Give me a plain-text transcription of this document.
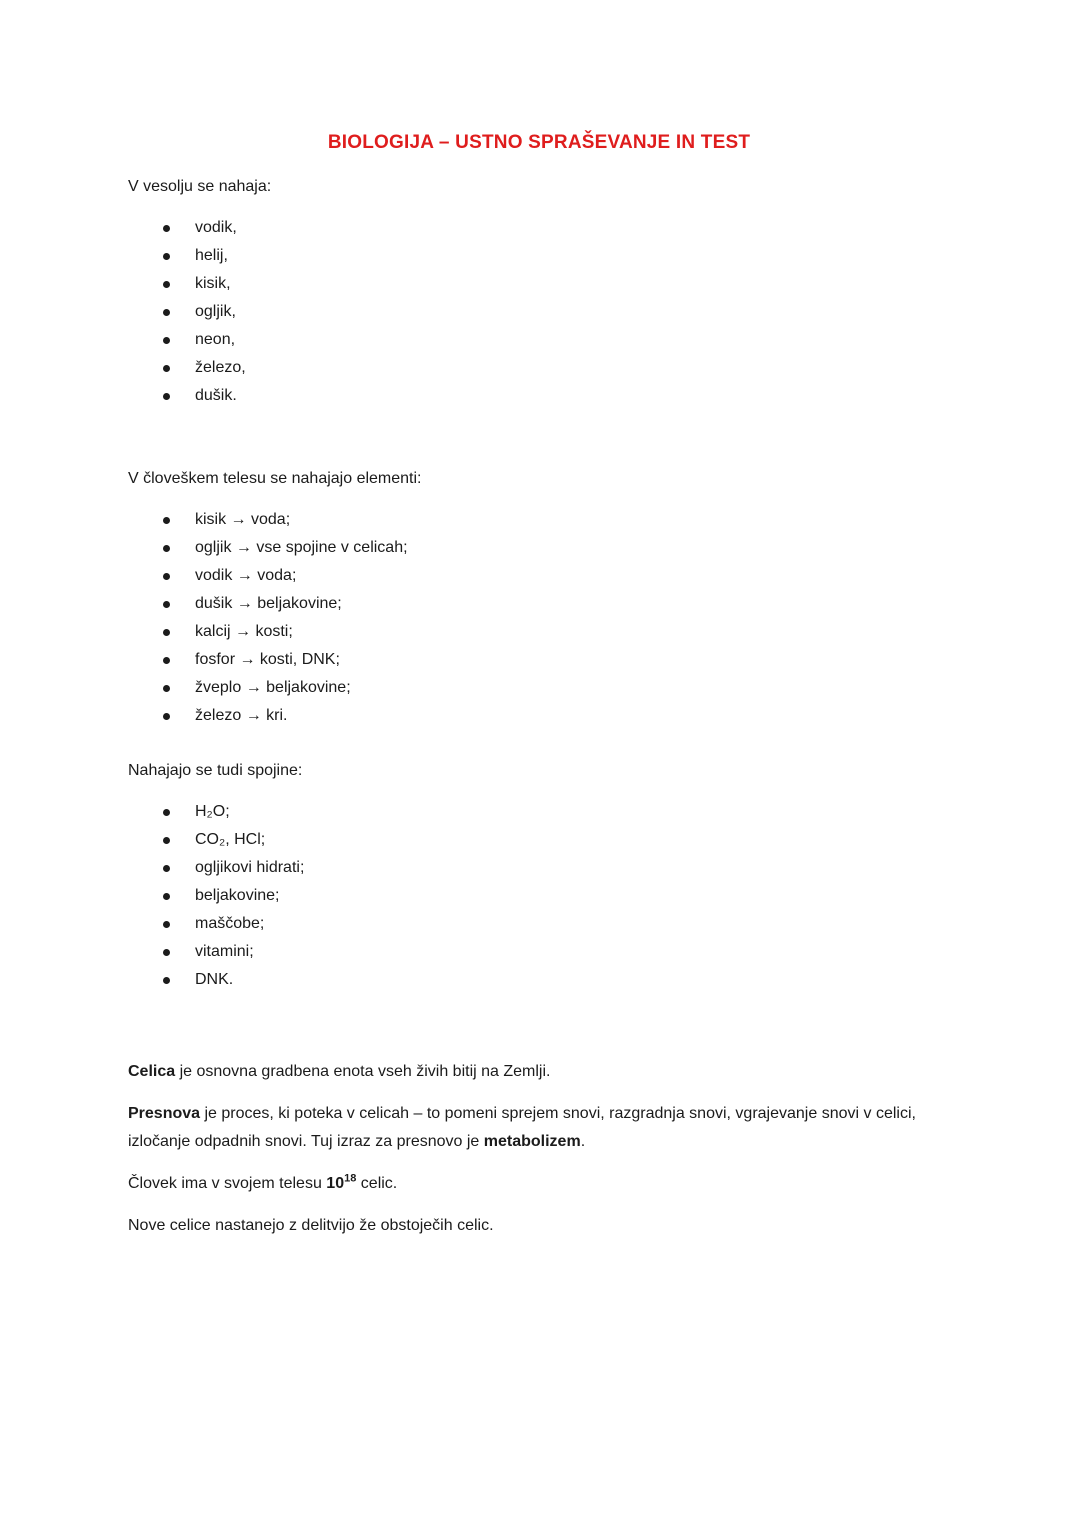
BIOLOGIJA – USTNO SPRAŠEVANJE IN TEST

V vesolju se nahaja:

vodik,
helij,
kisik,
ogljik,
neon,
železo,
dušik.

V človeškem telesu se nahajajo elementi:

kisik → voda;
ogljik → vse spojine v celicah;
vodik → voda;
dušik → beljakovine;
kalcij → kosti;
fosfor → kosti, DNK;
žveplo → beljakovine;
železo → kri.

Nahajajo se tudi spojine:

H₂O;
CO₂, HCl;
ogljikovi hidrati;
beljakovine;
maščobe;
vitamini;
DNK.

Celica je osnovna gradbena enota vseh živih bitij na Zemlji.

Presnova je proces, ki poteka v celicah – to pomeni sprejem snovi, razgradnja snovi, vgrajevanje snovi v celici, izločanje odpadnih snovi. Tuj izraz za presnovo je metabolizem.

Človek ima v svojem telesu $10^{18}$ celic.

Nove celice nastanejo z delitvijo že obstoječih celic.
